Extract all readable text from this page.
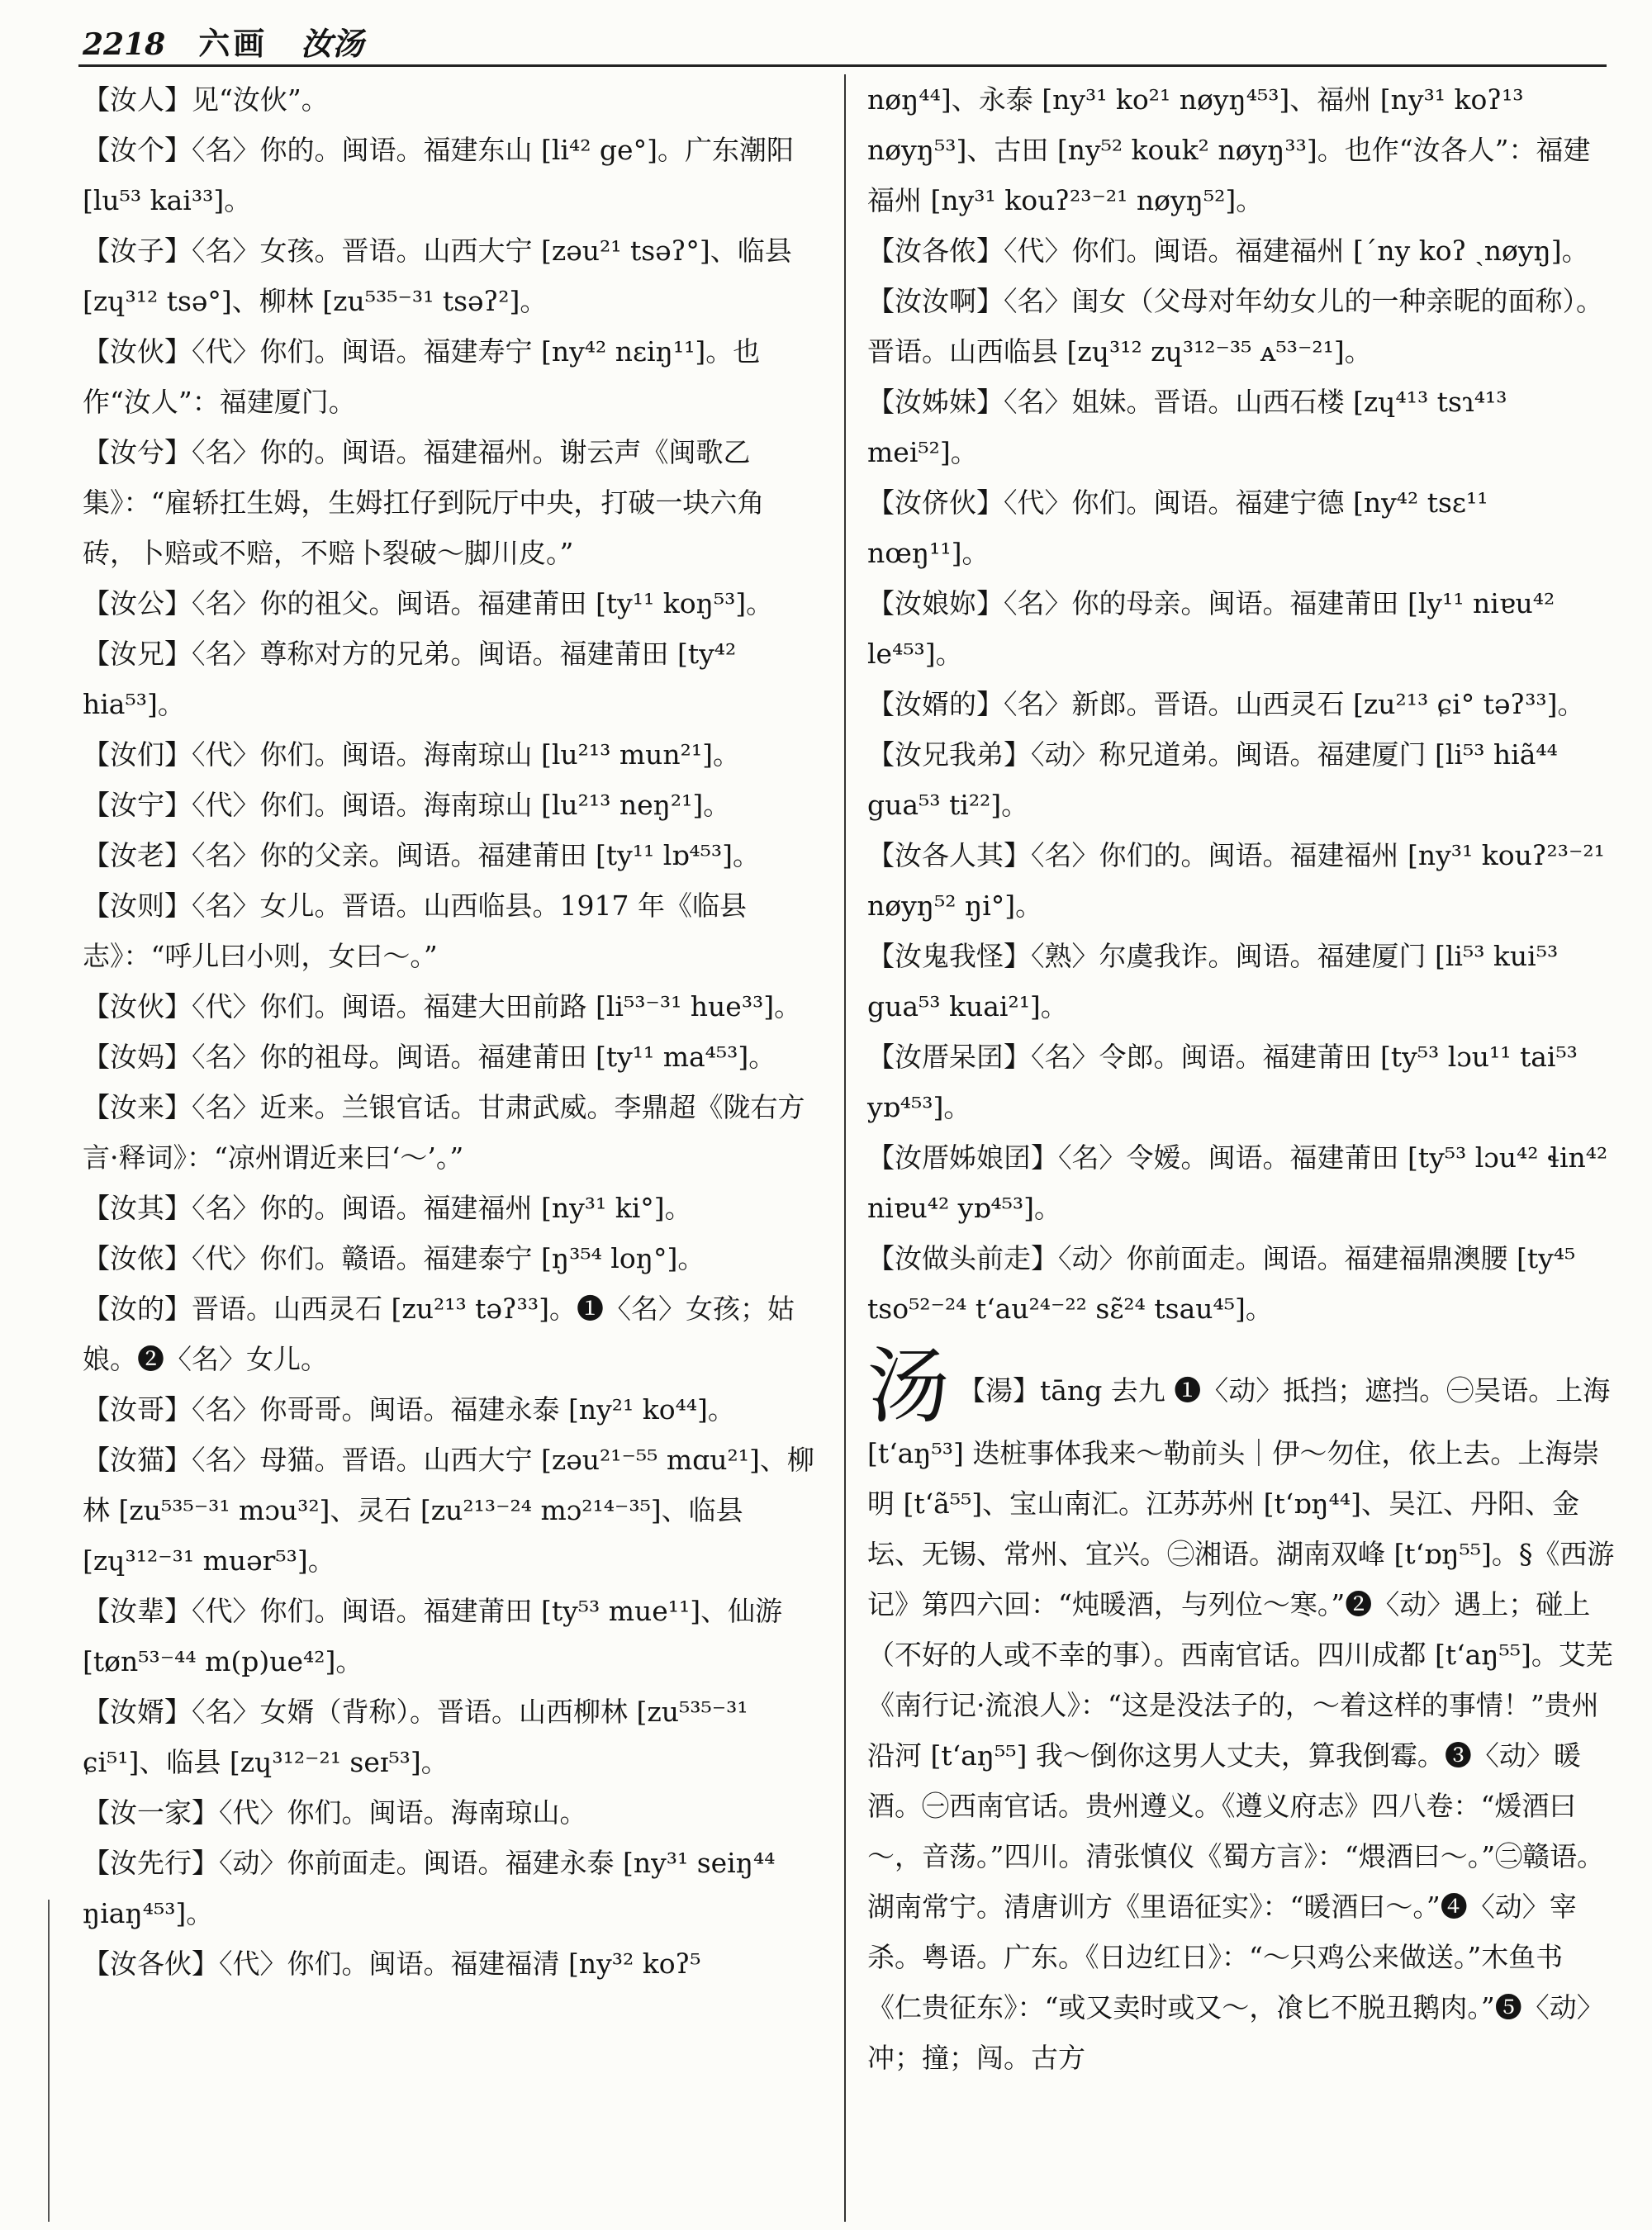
2218 六画 汝汤

【汝人】见“汝伙”。

【汝个】〈名〉你的。闽语。福建东山 [li⁴² ge°]。广东潮阳 [lu⁵³ kai³³]。

【汝子】〈名〉女孩。晋语。山西大宁 [zəu²¹ tsəʔ°]、临县 [zɥ³¹² tsə°]、柳林 [zu⁵³⁵⁻³¹ tsəʔ²]。

【汝伙】〈代〉你们。闽语。福建寿宁 [ny⁴² nɛiŋ¹¹]。也作“汝人”：福建厦门。

【汝兮】〈名〉你的。闽语。福建福州。谢云声《闽歌乙集》：“雇轿扛生姆，生姆扛仔到阮厅中央，打破一块六角砖，卜赔或不赔，不赔卜裂破～脚川皮。”

【汝公】〈名〉你的祖父。闽语。福建莆田 [ty¹¹ koŋ⁵³]。

【汝兄】〈名〉尊称对方的兄弟。闽语。福建莆田 [ty⁴² hia⁵³]。

【汝们】〈代〉你们。闽语。海南琼山 [lu²¹³ mun²¹]。

【汝宁】〈代〉你们。闽语。海南琼山 [lu²¹³ neŋ²¹]。

【汝老】〈名〉你的父亲。闽语。福建莆田 [ty¹¹ lɒ⁴⁵³]。

【汝则】〈名〉女儿。晋语。山西临县。1917 年《临县志》：“呼儿曰小则，女曰～。”

【汝伙】〈代〉你们。闽语。福建大田前路 [li⁵³⁻³¹ hue³³]。

【汝妈】〈名〉你的祖母。闽语。福建莆田 [ty¹¹ ma⁴⁵³]。

【汝来】〈名〉近来。兰银官话。甘肃武威。李鼎超《陇右方言·释词》：“凉州谓近来曰‘～’。”

【汝其】〈名〉你的。闽语。福建福州 [ny³¹ ki°]。

【汝侬】〈代〉你们。赣语。福建泰宁 [ŋ³⁵⁴ loŋ°]。

【汝的】晋语。山西灵石 [zu²¹³ təʔ³³]。❶〈名〉女孩；姑娘。❷〈名〉女儿。

【汝哥】〈名〉你哥哥。闽语。福建永泰 [ny²¹ ko⁴⁴]。

【汝猫】〈名〉母猫。晋语。山西大宁 [zəu²¹⁻⁵⁵ mɑu²¹]、柳林 [zu⁵³⁵⁻³¹ mɔu³²]、灵石 [zu²¹³⁻²⁴ mɔ²¹⁴⁻³⁵]、临县 [zɥ³¹²⁻³¹ muər⁵³]。

【汝辈】〈代〉你们。闽语。福建莆田 [ty⁵³ mue¹¹]、仙游 [tøn⁵³⁻⁴⁴ m(p)ue⁴²]。

【汝婿】〈名〉女婿（背称）。晋语。山西柳林 [zu⁵³⁵⁻³¹ ɕi⁵¹]、临县 [zɥ³¹²⁻²¹ seɪ⁵³]。

【汝一家】〈代〉你们。闽语。海南琼山。

【汝先行】〈动〉你前面走。闽语。福建永泰 [ny³¹ seiŋ⁴⁴ ŋiaŋ⁴⁵³]。

【汝各伙】〈代〉你们。闽语。福建福清 [ny³² koʔ⁵

nøŋ⁴⁴]、永泰 [ny³¹ ko²¹ nøyŋ⁴⁵³]、福州 [ny³¹ koʔ¹³ nøyŋ⁵³]、古田 [ny⁵² kouk² nøyŋ³³]。也作“汝各人”：福建福州 [ny³¹ kouʔ²³⁻²¹ nøyŋ⁵²]。

【汝各侬】〈代〉你们。闽语。福建福州 [ˊny koʔ ˏnøyŋ]。

【汝汝啊】〈名〉闺女（父母对年幼女儿的一种亲昵的面称）。晋语。山西临县 [zɥ³¹² zɥ³¹²⁻³⁵ ᴀ⁵³⁻²¹]。

【汝姊妹】〈名〉姐妹。晋语。山西石楼 [zɥ⁴¹³ tsɿ⁴¹³ mei⁵²]。

【汝侪伙】〈代〉你们。闽语。福建宁德 [ny⁴² tsɛ¹¹ nœŋ¹¹]。

【汝娘妳】〈名〉你的母亲。闽语。福建莆田 [ly¹¹ niɐu⁴² le⁴⁵³]。

【汝婿的】〈名〉新郎。晋语。山西灵石 [zu²¹³ ɕi° təʔ³³]。

【汝兄我弟】〈动〉称兄道弟。闽语。福建厦门 [li⁵³ hiã⁴⁴ gua⁵³ ti²²]。

【汝各人其】〈名〉你们的。闽语。福建福州 [ny³¹ kouʔ²³⁻²¹ nøyŋ⁵² ŋi°]。

【汝鬼我怪】〈熟〉尔虞我诈。闽语。福建厦门 [li⁵³ kui⁵³ gua⁵³ kuai²¹]。

【汝厝呆囝】〈名〉令郎。闽语。福建莆田 [ty⁵³ lɔu¹¹ tai⁵³ yɒ⁴⁵³]。

【汝厝姊娘囝】〈名〉令嫒。闽语。福建莆田 [ty⁵³ lɔu⁴² ɬin⁴² niɐu⁴² yɒ⁴⁵³]。

【汝做头前走】〈动〉你前面走。闽语。福建福鼎澳腰 [ty⁴⁵ tso⁵²⁻²⁴ tʻau²⁴⁻²² sɛ̃²⁴ tsau⁴⁵]。

汤 【湯】tāng 去九 ❶〈动〉抵挡；遮挡。㊀吴语。上海 [tʻaŋ⁵³] 迭桩事体我来～勒前头｜伊～勿住，依上去。上海崇明 [tʻã⁵⁵]、宝山南汇。江苏苏州 [tʻɒŋ⁴⁴]、吴江、丹阳、金坛、无锡、常州、宜兴。㊁湘语。湖南双峰 [tʻɒŋ⁵⁵]。§《西游记》第四六回：“炖暖酒，与列位～寒。”❷〈动〉遇上；碰上（不好的人或不幸的事）。西南官话。四川成都 [tʻaŋ⁵⁵]。艾芜《南行记·流浪人》：“这是没法子的，～着这样的事情！”贵州沿河 [tʻaŋ⁵⁵] 我～倒你这男人丈夫，算我倒霉。❸〈动〉暖酒。㊀西南官话。贵州遵义。《遵义府志》四八卷：“煖酒曰～，音荡。”四川。清张慎仪《蜀方言》：“煨酒曰～。”㊁赣语。湖南常宁。清唐训方《里语征实》：“暖酒曰～。”❹〈动〉宰杀。粤语。广东。《日边红日》：“～只鸡公来做送。”木鱼书《仁贵征东》：“或又卖时或又～，飡匕不脱丑鹅肉。”❺〈动〉冲；撞；闯。古方
